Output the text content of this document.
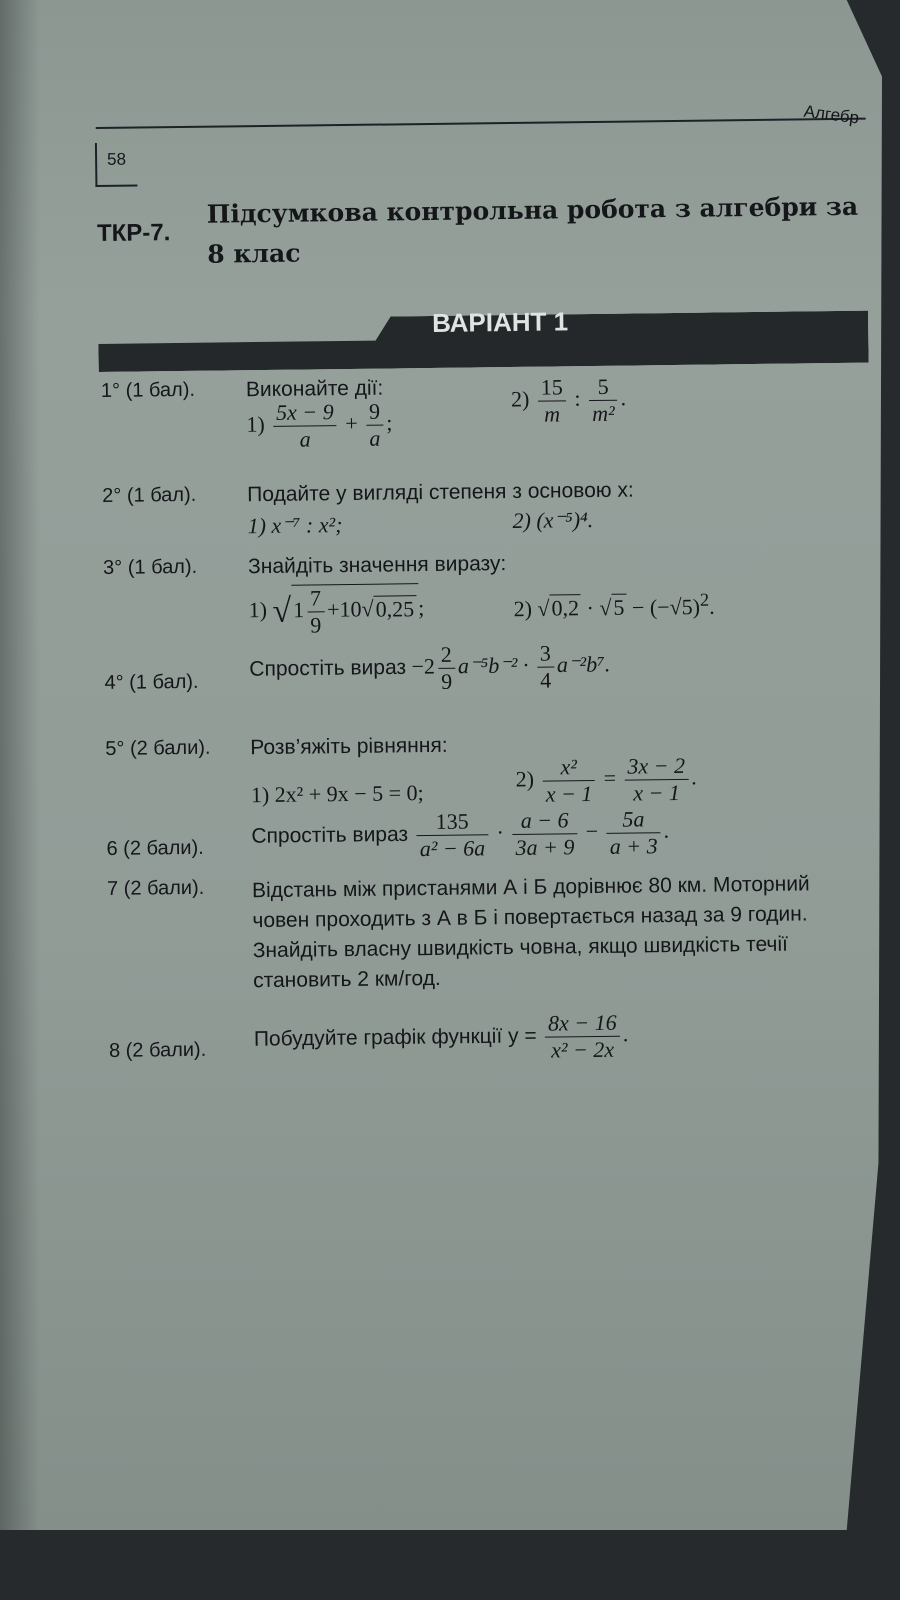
58
Алгебр
ТКР-7.
Підсумкова контрольна робота з алгебри за 8 клас
ВАРІАНТ 1
1° (1 бал). Виконайте дії:
$1) \frac{5x - 9}{a} + \frac{9}{a}$ ;
$2) \frac{15}{m}$ : $\frac{5}{\text{m²}}$ .
2° (1 бал). Подайте у вигляді степеня з основою x:
1) x⁻⁷ : x²;	2) (x⁻⁵)⁴.
3° (1 бал). Знайдіть значення виразу:
1) $√1 \frac{7}{9} +10√0,25$ ;	2) $√0,2 \cdot √5 - (-√5)^2$.
4° (1 бал).
Спростіть вираз $-2 \frac{2}{9} a^{-5}b^{-2} \cdot \frac{3}{4} a^{-2}b^7$.
5° (2 бали). Розв’яжіть рівняння:
1) 2x² + 9x − 5 = 0;
$2) \frac{\text{x²}}{x - 1} = \frac{3x - 2}{x - 1}$ .
6 (2 бали).
Спростіть вираз $\frac{135}{\text{a² − 6a}} \cdot \frac{a - 6}{3a + 9} - \frac{5a}{a + 3}$ .
7 (2 бали). Відстань між пристанями А і Б дорівнює 80 км. Моторний
човен проходить з А в Б і повертається назад за 9 годин.
Знайдіть власну швидкість човна, якщо швидкість течії
становить 2 км/год.
8 (2 бали). Побудуйте графік функції $y = \frac{8x - 16}{\text{x² − 2x}}$ .
